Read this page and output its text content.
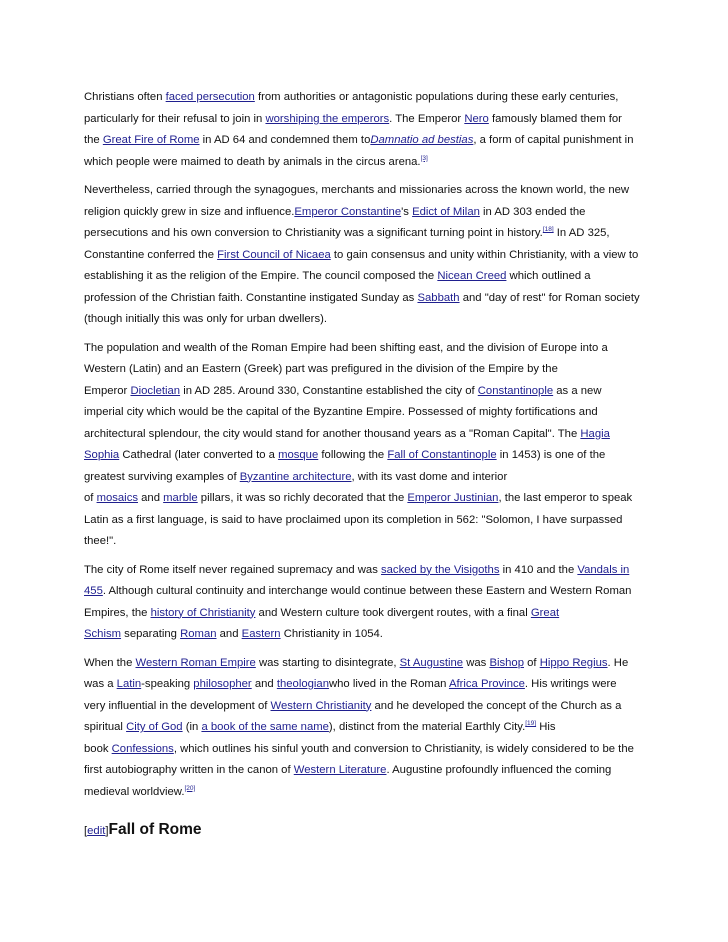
Christians often faced persecution from authorities or antagonistic populations during these early centuries,
particularly for their refusal to join in worshiping the emperors. The Emperor Nero famously blamed them for
the Great Fire of Rome in AD 64 and condemned them toDamnatio ad bestias, a form of capital punishment in
which people were maimed to death by animals in the circus arena.[3]
Nevertheless, carried through the synagogues, merchants and missionaries across the known world, the new
religion quickly grew in size and influence.Emperor Constantine's Edict of Milan in AD 303 ended the
persecutions and his own conversion to Christianity was a significant turning point in history.[18] In AD 325,
Constantine conferred the First Council of Nicaea to gain consensus and unity within Christianity, with a view to
establishing it as the religion of the Empire. The council composed the Nicean Creed which outlined a
profession of the Christian faith. Constantine instigated Sunday as Sabbath and "day of rest" for Roman society
(though initially this was only for urban dwellers).
The population and wealth of the Roman Empire had been shifting east, and the division of Europe into a
Western (Latin) and an Eastern (Greek) part was prefigured in the division of the Empire by the
Emperor Diocletian in AD 285. Around 330, Constantine established the city of Constantinople as a new
imperial city which would be the capital of the Byzantine Empire. Possessed of mighty fortifications and
architectural splendour, the city would stand for another thousand years as a "Roman Capital". The Hagia
Sophia Cathedral (later converted to a mosque following the Fall of Constantinople in 1453) is one of the
greatest surviving examples of Byzantine architecture, with its vast dome and interior
of mosaics and marble pillars, it was so richly decorated that the Emperor Justinian, the last emperor to speak
Latin as a first language, is said to have proclaimed upon its completion in 562: "Solomon, I have surpassed
thee!".
The city of Rome itself never regained supremacy and was sacked by the Visigoths in 410 and the Vandals in
455. Although cultural continuity and interchange would continue between these Eastern and Western Roman
Empires, the history of Christianity and Western culture took divergent routes, with a final Great
Schism separating Roman and Eastern Christianity in 1054.
When the Western Roman Empire was starting to disintegrate, St Augustine was Bishop of Hippo Regius. He
was a Latin-speaking philosopher and theologianwho lived in the Roman Africa Province. His writings were
very influential in the development of Western Christianity and he developed the concept of the Church as a
spiritual City of God (in a book of the same name), distinct from the material Earthly City.[19] His
book Confessions, which outlines his sinful youth and conversion to Christianity, is widely considered to be the
first autobiography written in the canon of Western Literature. Augustine profoundly influenced the coming
medieval worldview.[20]
[edit]Fall of Rome
